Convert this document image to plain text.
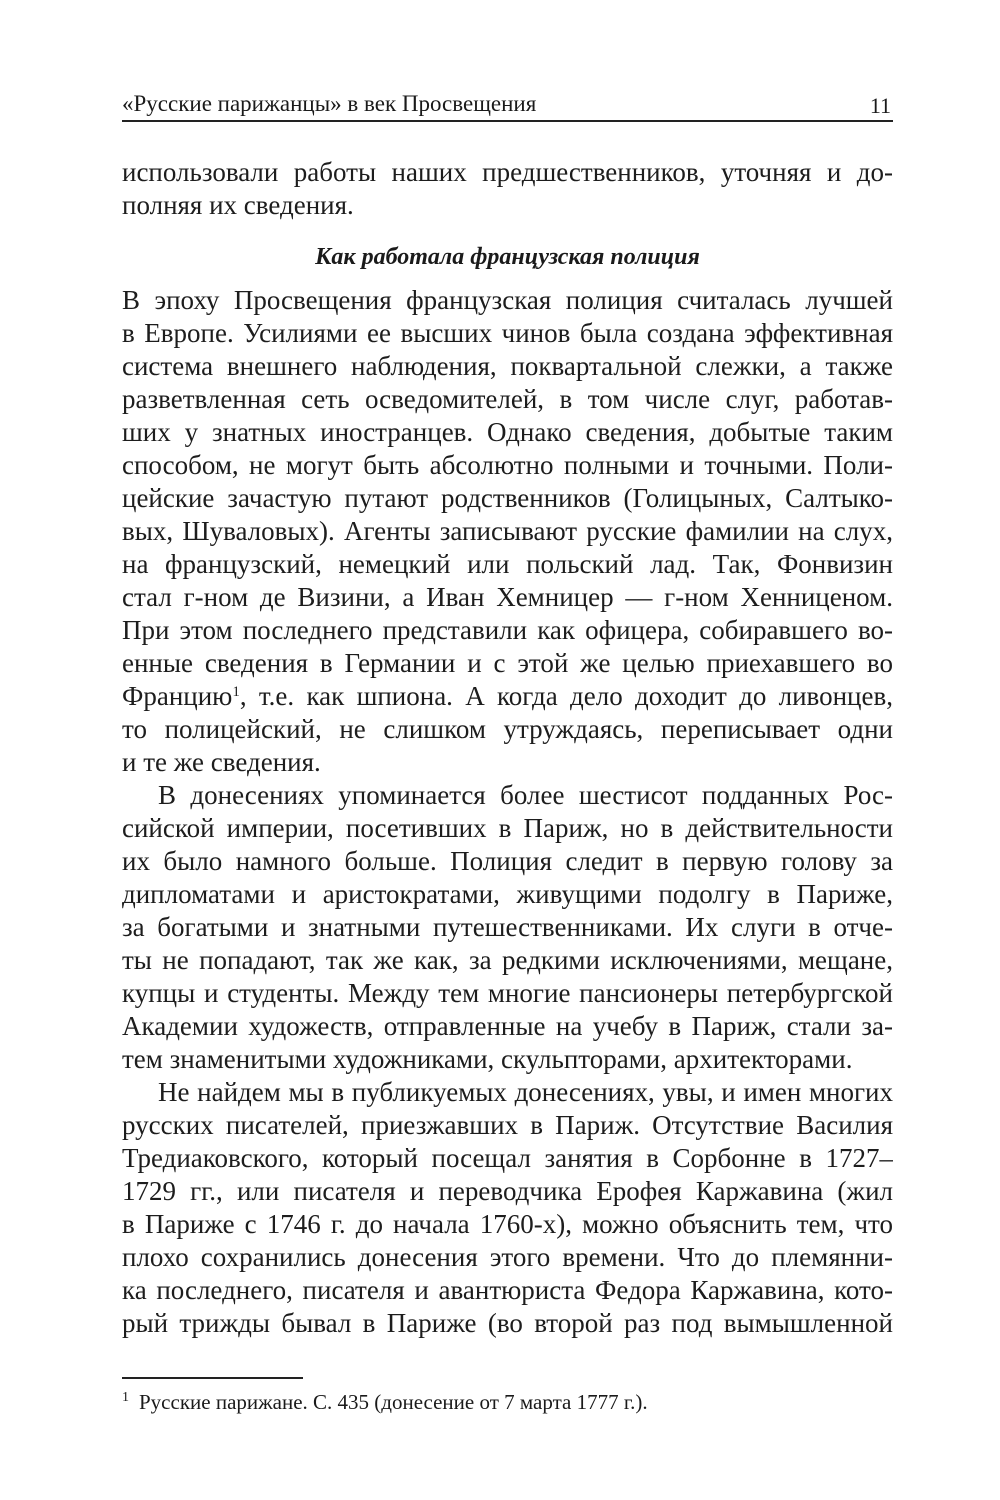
«Русские парижанцы» в век Просвещения	11
использовали работы наших предшественников, уточняя и до-
полняя их сведения.
Как работала французская полиция
В эпоху Просвещения французская полиция считалась лучшей
в Европе. Усилиями ее высших чинов была создана эффективная
система внешнего наблюдения, поквартальной слежки, а также
разветвленная сеть осведомителей, в том числе слуг, работав-
ших у знатных иностранцев. Однако сведения, добытые таким
способом, не могут быть абсолютно полными и точными. Поли-
цейские зачастую путают родственников (Голицыных, Салтыко-
вых, Шуваловых). Агенты записывают русские фамилии на слух,
на французский, немецкий или польский лад. Так, Фонвизин
стал г-ном де Визини, а Иван Хемницер — г-ном Хенниценом.
При этом последнего представили как офицера, собиравшего во-
енные сведения в Германии и с этой же целью приехавшего во
Францию$^1$, т.е. как шпиона. А когда дело доходит до ливонцев,
то полицейский, не слишком утруждаясь, переписывает одни
и те же сведения.
В донесениях упоминается более шестисот подданных Рос-
сийской империи, посетивших в Париж, но в действительности
их было намного больше. Полиция следит в первую голову за
дипломатами и аристократами, живущими подолгу в Париже,
за богатыми и знатными путешественниками. Их слуги в отче-
ты не попадают, так же как, за редкими исключениями, мещане,
купцы и студенты. Между тем многие пансионеры петербургской
Академии художеств, отправленные на учебу в Париж, стали за-
тем знаменитыми художниками, скульпторами, архитекторами.
Не найдем мы в публикуемых донесениях, увы, и имен многих
русских писателей, приезжавших в Париж. Отсутствие Василия
Тредиаковского, который посещал занятия в Сорбонне в 1727–
1729 гг., или писателя и переводчика Ерофея Каржавина (жил
в Париже с 1746 г. до начала 1760-х), можно объяснить тем, что
плохо сохранились донесения этого времени. Что до племянни-
ка последнего, писателя и авантюриста Федора Каржавина, кото-
рый трижды бывал в Париже (во второй раз под вымышленной
$^1$ Русские парижане. С. 435 (донесение от 7 марта 1777 г.).
